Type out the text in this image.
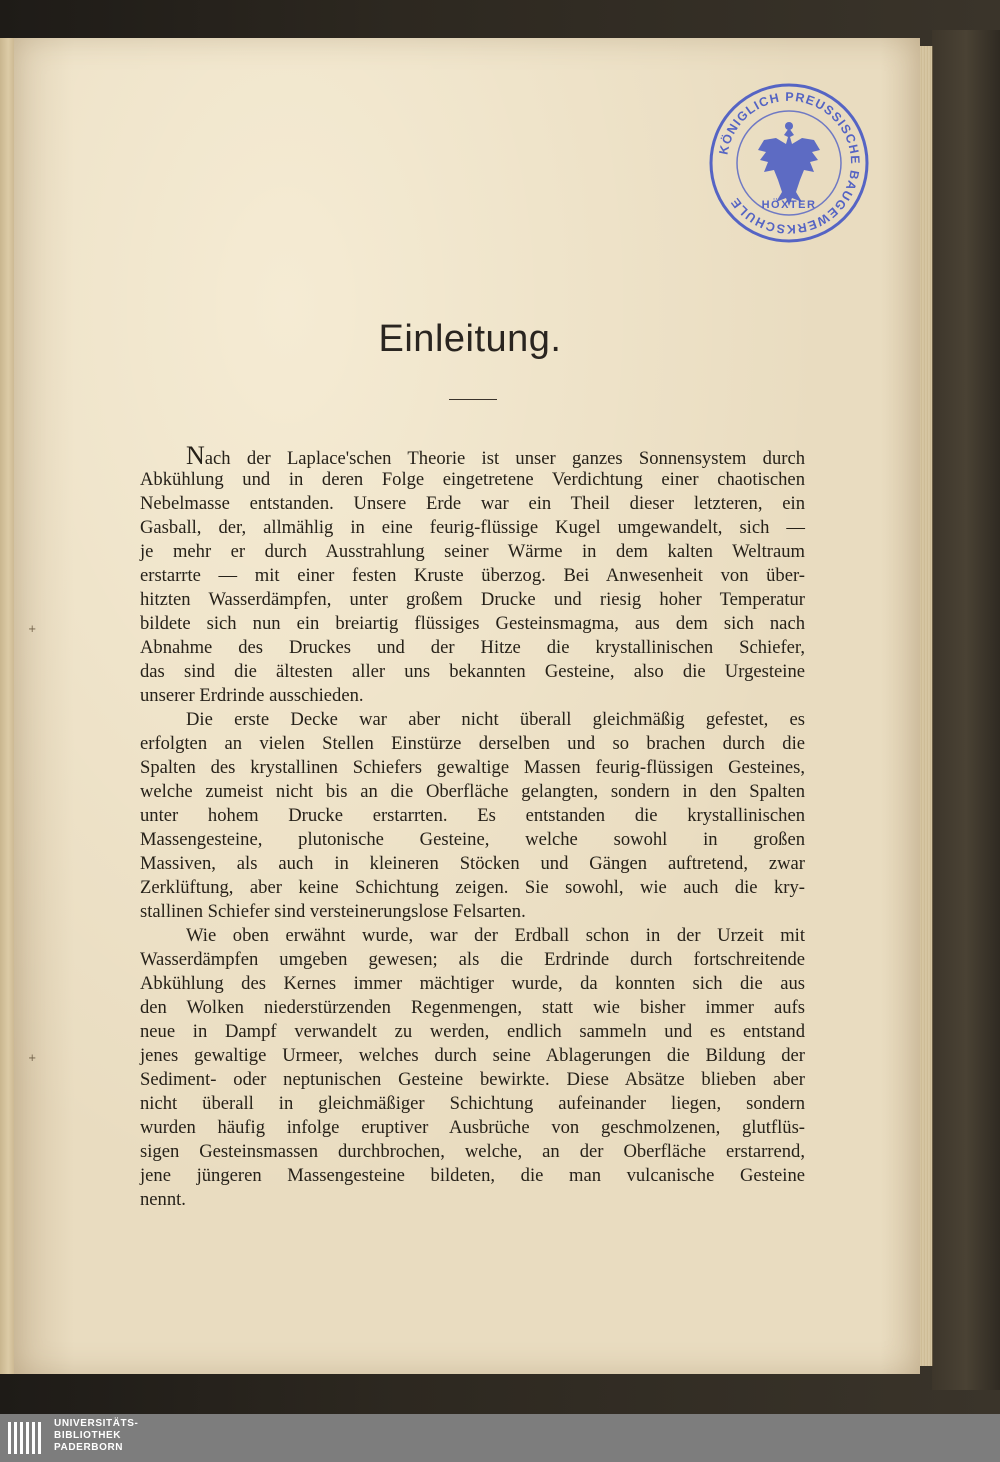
+
+
KÖNIGLICH PREUSSISCHE BAUGEWERKSCHULE	HÖXTER
Einleitung.
Nach der Laplace'schen Theorie ist unser ganzes Sonnensystem durch
Abkühlung und in deren Folge eingetretene Verdichtung einer chaotischen
Nebelmasse entstanden. Unsere Erde war ein Theil dieser letzteren, ein
Gasball, der, allmählig in eine feurig-flüssige Kugel umgewandelt, sich —
je mehr er durch Ausstrahlung seiner Wärme in dem kalten Weltraum
erstarrte — mit einer festen Kruste überzog. Bei Anwesenheit von über-
hitzten Wasserdämpfen, unter großem Drucke und riesig hoher Temperatur
bildete sich nun ein breiartig flüssiges Gesteinsmagma, aus dem sich nach
Abnahme des Druckes und der Hitze die krystallinischen Schiefer,
das sind die ältesten aller uns bekannten Gesteine, also die Urgesteine
unserer Erdrinde ausschieden.
Die erste Decke war aber nicht überall gleichmäßig gefestet, es
erfolgten an vielen Stellen Einstürze derselben und so brachen durch die
Spalten des krystallinen Schiefers gewaltige Massen feurig-flüssigen Gesteines,
welche zumeist nicht bis an die Oberfläche gelangten, sondern in den Spalten
unter hohem Drucke erstarrten. Es entstanden die krystallinischen
Massengesteine, plutonische Gesteine, welche sowohl in großen
Massiven, als auch in kleineren Stöcken und Gängen auftretend, zwar
Zerklüftung, aber keine Schichtung zeigen. Sie sowohl, wie auch die kry-
stallinen Schiefer sind versteinerungslose Felsarten.
Wie oben erwähnt wurde, war der Erdball schon in der Urzeit mit
Wasserdämpfen umgeben gewesen; als die Erdrinde durch fortschreitende
Abkühlung des Kernes immer mächtiger wurde, da konnten sich die aus
den Wolken niederstürzenden Regenmengen, statt wie bisher immer aufs
neue in Dampf verwandelt zu werden, endlich sammeln und es entstand
jenes gewaltige Urmeer, welches durch seine Ablagerungen die Bildung der
Sediment- oder neptunischen Gesteine bewirkte. Diese Absätze blieben aber
nicht überall in gleichmäßiger Schichtung aufeinander liegen, sondern
wurden häufig infolge eruptiver Ausbrüche von geschmolzenen, glutflüs-
sigen Gesteinsmassen durchbrochen, welche, an der Oberfläche erstarrend,
jene jüngeren Massengesteine bildeten, die man vulcanische Gesteine
nennt.
UNIVERSITÄTS-
BIBLIOTHEK
PADERBORN
